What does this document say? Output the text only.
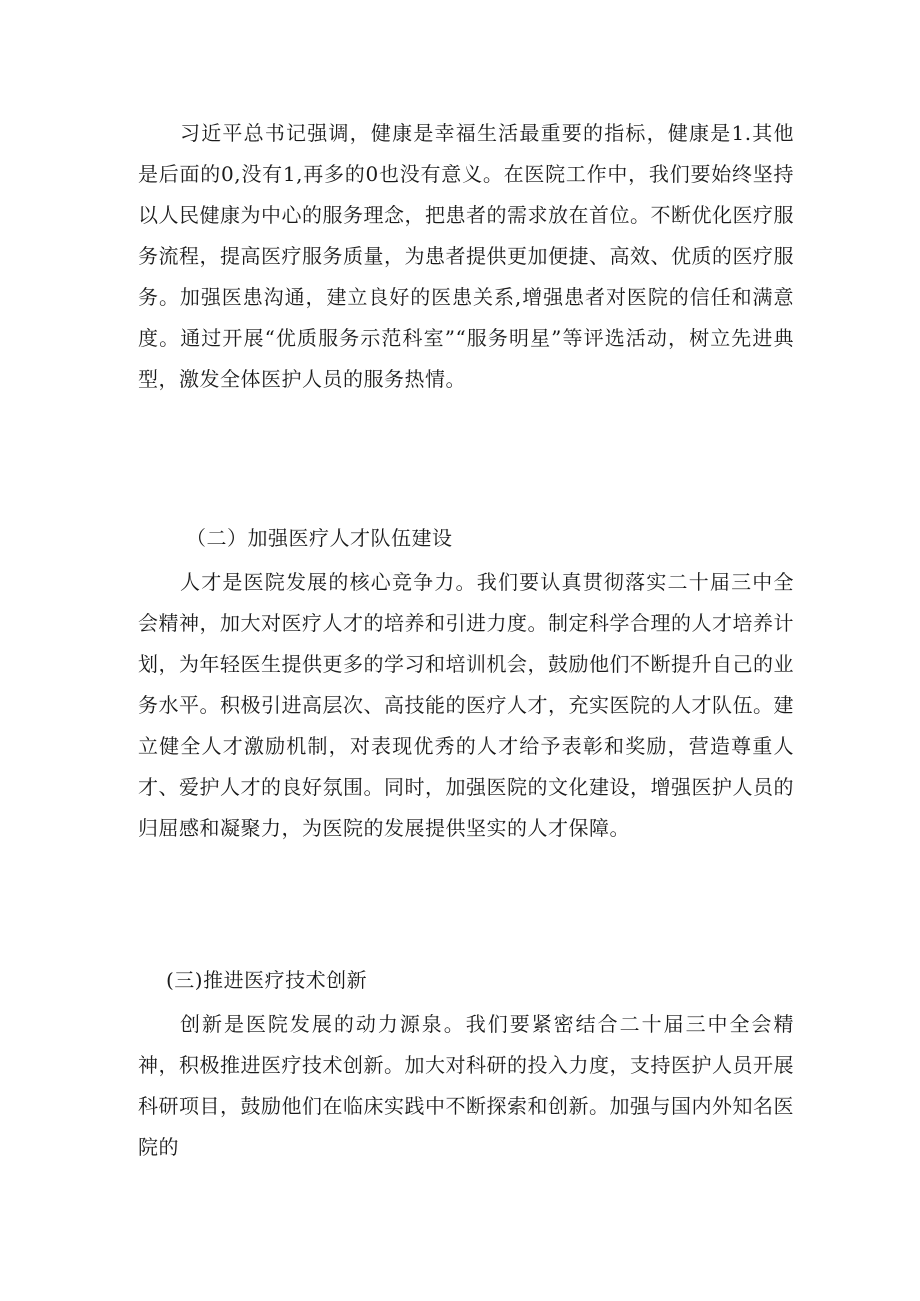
习近平总书记强调，健康是幸福生活最重要的指标，健康是1.其他是后面的0,没有1,再多的0也没有意义。在医院工作中，我们要始终坚持以人民健康为中心的服务理念，把患者的需求放在首位。不断优化医疗服务流程，提高医疗服务质量，为患者提供更加便捷、高效、优质的医疗服务。加强医患沟通，建立良好的医患关系,增强患者对医院的信任和满意度。通过开展“优质服务示范科室”“服务明星”等评选活动，树立先进典型，激发全体医护人员的服务热情。

（二）加强医疗人才队伍建设

人才是医院发展的核心竞争力。我们要认真贯彻落实二十届三中全会精神，加大对医疗人才的培养和引进力度。制定科学合理的人才培养计划，为年轻医生提供更多的学习和培训机会，鼓励他们不断提升自己的业务水平。积极引进高层次、高技能的医疗人才，充实医院的人才队伍。建立健全人才激励机制，对表现优秀的人才给予表彰和奖励，营造尊重人才、爱护人才的良好氛围。同时，加强医院的文化建设，增强医护人员的归屈感和凝聚力，为医院的发展提供坚实的人才保障。

(三)推进医疗技术创新

创新是医院发展的动力源泉。我们要紧密结合二十届三中全会精神，积极推进医疗技术创新。加大对科研的投入力度，支持医护人员开展科研项目，鼓励他们在临床实践中不断探索和创新。加强与国内外知名医院的
